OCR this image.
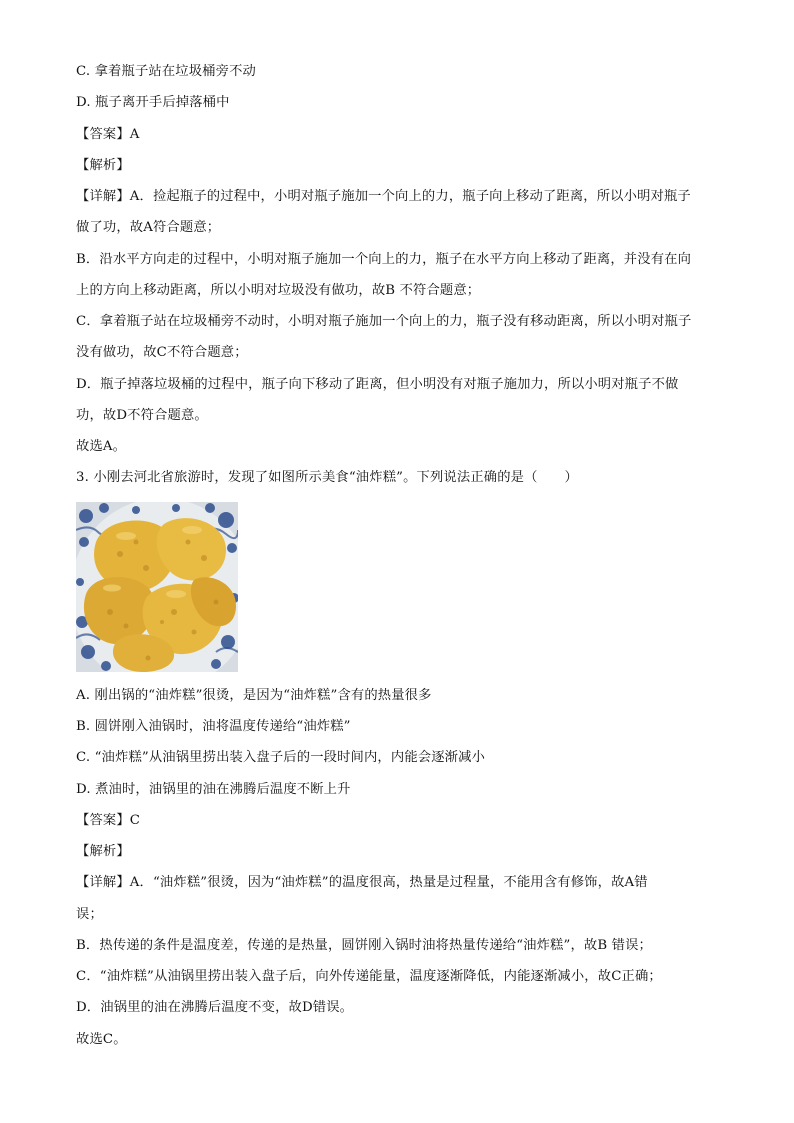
C. 拿着瓶子站在垃圾桶旁不动
D. 瓶子离开手后掉落桶中
【答案】A
【解析】
【详解】A．捡起瓶子的过程中，小明对瓶子施加一个向上的力，瓶子向上移动了距离，所以小明对瓶子
做了功，故A符合题意；
B．沿水平方向走的过程中，小明对瓶子施加一个向上的力，瓶子在水平方向上移动了距离，并没有在向
上的方向上移动距离，所以小明对垃圾没有做功，故B 不符合题意；
C．拿着瓶子站在垃圾桶旁不动时，小明对瓶子施加一个向上的力，瓶子没有移动距离，所以小明对瓶子
没有做功，故C不符合题意；
D．瓶子掉落垃圾桶的过程中，瓶子向下移动了距离，但小明没有对瓶子施加力，所以小明对瓶子不做
功，故D不符合题意。
故选A。
3. 小刚去河北省旅游时，发现了如图所示美食“油炸糕”。下列说法正确的是（　　）
A. 刚出锅的“油炸糕”很烫，是因为“油炸糕”含有的热量很多
B. 圆饼刚入油锅时，油将温度传递给“油炸糕”
C. “油炸糕”从油锅里捞出装入盘子后的一段时间内，内能会逐渐减小
D. 煮油时，油锅里的油在沸腾后温度不断上升
【答案】C
【解析】
【详解】A．“油炸糕”很烫，因为“油炸糕”的温度很高，热量是过程量，不能用含有修饰，故A错
误；
B．热传递的条件是温度差，传递的是热量，圆饼刚入锅时油将热量传递给“油炸糕”，故B 错误；
C．“油炸糕”从油锅里捞出装入盘子后，向外传递能量，温度逐渐降低，内能逐渐减小，故C正确；
D．油锅里的油在沸腾后温度不变，故D错误。
故选C。
